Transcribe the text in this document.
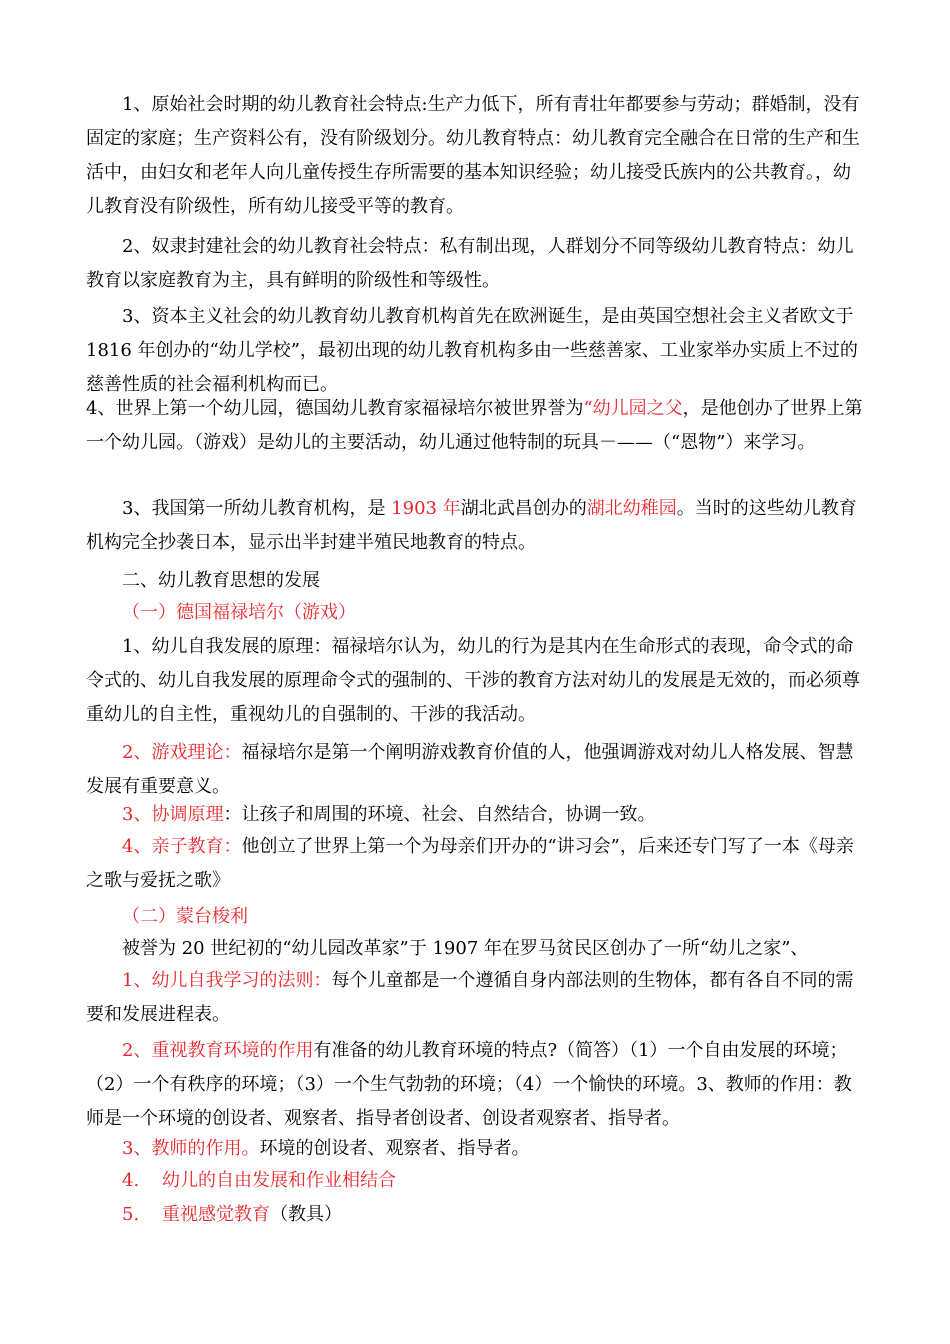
1、原始社会时期的幼儿教育社会特点:生产力低下，所有青壮年都要参与劳动；群婚制，没有固定的家庭；生产资料公有，没有阶级划分。幼儿教育特点：幼儿教育完全融合在日常的生产和生活中，由妇女和老年人向儿童传授生存所需要的基本知识经验；幼儿接受氏族内的公共教育。，幼儿教育没有阶级性，所有幼儿接受平等的教育。
2、奴隶封建社会的幼儿教育社会特点：私有制出现，人群划分不同等级幼儿教育特点：幼儿教育以家庭教育为主，具有鲜明的阶级性和等级性。
3、资本主义社会的幼儿教育幼儿教育机构首先在欧洲诞生，是由英国空想社会主义者欧文于 1816 年创办的“幼儿学校”，最初出现的幼儿教育机构多由一些慈善家、工业家举办实质上不过的慈善性质的社会福利机构而已。
4、世界上第一个幼儿园，德国幼儿教育家福禄培尔被世界誉为“幼儿园之父，是他创办了世界上第一个幼儿园。（游戏）是幼儿的主要活动，幼儿通过他特制的玩具－——（“恩物”）来学习。
3、我国第一所幼儿教育机构，是 1903 年湖北武昌创办的湖北幼稚园。当时的这些幼儿教育机构完全抄袭日本，显示出半封建半殖民地教育的特点。
二、幼儿教育思想的发展
（一）德国福禄培尔（游戏）
1、幼儿自我发展的原理：福禄培尔认为，幼儿的行为是其内在生命形式的表现，命令式的命令式的、幼儿自我发展的原理命令式的强制的、干涉的教育方法对幼儿的发展是无效的，而必须尊重幼儿的自主性，重视幼儿的自强制的、干涉的我活动。
2、游戏理论：福禄培尔是第一个阐明游戏教育价值的人，他强调游戏对幼儿人格发展、智慧发展有重要意义。
3、协调原理：让孩子和周围的环境、社会、自然结合，协调一致。
4、亲子教育：他创立了世界上第一个为母亲们开办的“讲习会”，后来还专门写了一本《母亲之歌与爱抚之歌》
（二）蒙台梭利
被誉为 20 世纪初的“幼儿园改革家”于 1907 年在罗马贫民区创办了一所“幼儿之家”、
1、幼儿自我学习的法则：每个儿童都是一个遵循自身内部法则的生物体，都有各自不同的需要和发展进程表。
2、重视教育环境的作用有准备的幼儿教育环境的特点?（简答）（1）一个自由发展的环境；（2）一个有秩序的环境；（3）一个生气勃勃的环境；（4）一个愉快的环境。3、教师的作用：教师是一个环境的创设者、观察者、指导者创设者、创设者观察者、指导者。
3、教师的作用。环境的创设者、观察者、指导者。
4.    幼儿的自由发展和作业相结合
5.    重视感觉教育（教具）
